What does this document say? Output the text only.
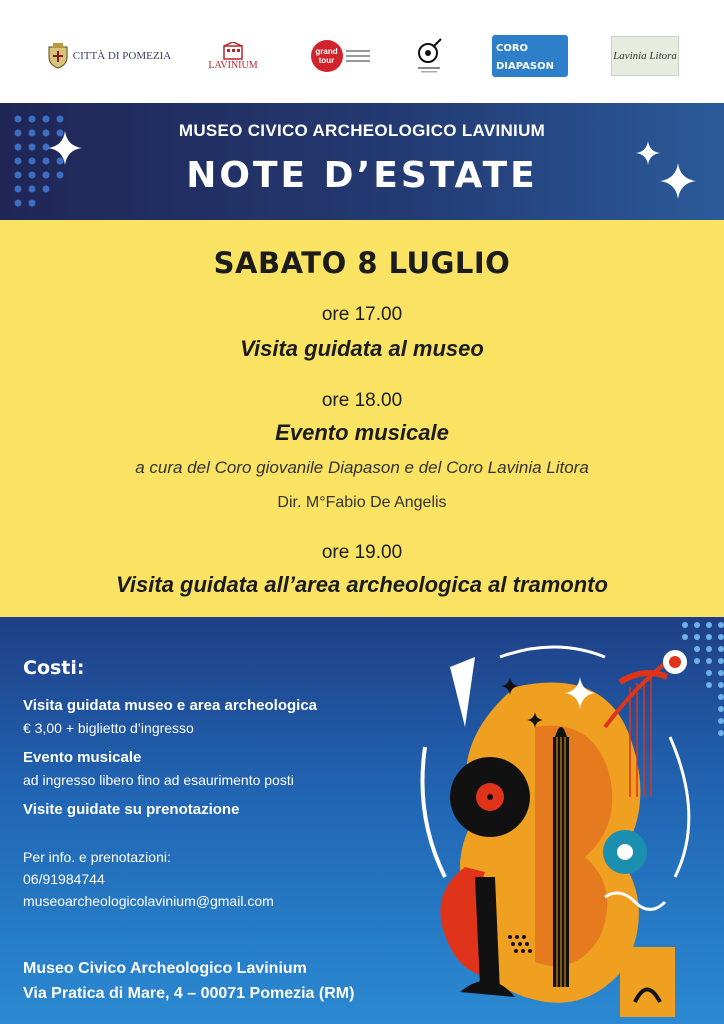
CITTÀ DI POMEZIA
LAVINIUM
grand tour
CORO DIAPASON
Lavinia Litora
MUSEO CIVICO ARCHEOLOGICO LAVINIUM
NOTE D’ESTATE
SABATO 8 LUGLIO
ore 17.00
Visita guidata al museo
ore 18.00
Evento musicale
a cura del Coro giovanile Diapason e del Coro Lavinia Litora
Dir. M°Fabio De Angelis
ore 19.00
Visita guidata all’area archeologica al tramonto
Costi:
Visita guidata museo e area archeologica
€ 3,00 + biglietto d’ingresso
Evento musicale
ad ingresso libero fino ad esaurimento posti
Visite guidate su prenotazione
Per info. e prenotazioni:
06/91984744
museoarcheologicolavinium@gmail.com
Museo Civico Archeologico Lavinium
Via Pratica di Mare, 4 – 00071 Pomezia (RM)
